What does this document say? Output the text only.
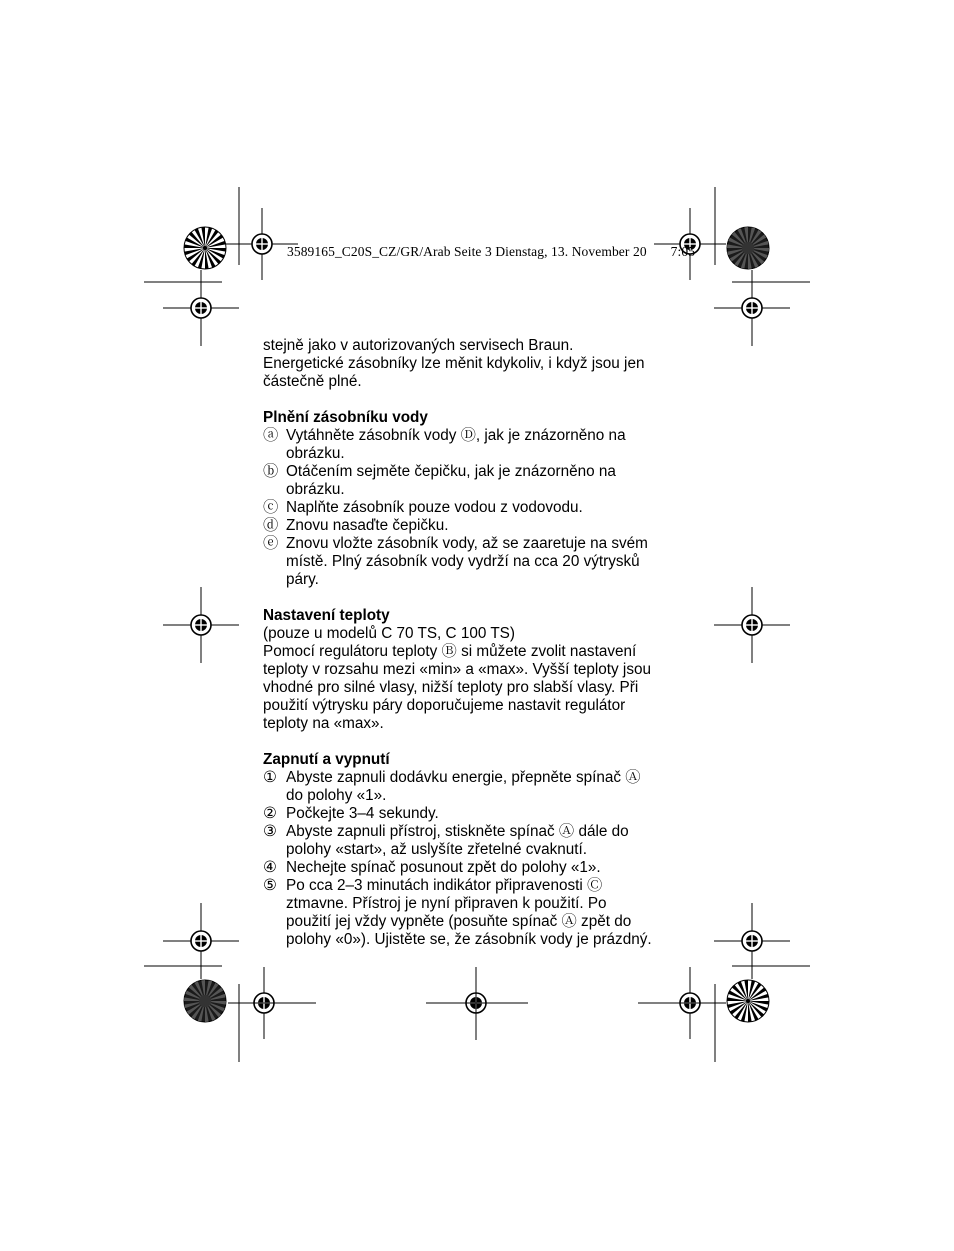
3589165_C20S_CZ/GR/Arab Seite 3 Dienstag, 13. November 20 7:05

stejně jako v autorizovaných servisech Braun.

Energetické zásobníky lze měnit kdykoliv, i když jsou jen

částečně plné.

Plnění zásobníku vody

ⓐ Vytáhněte zásobník vody Ⓓ, jak je znázorněno na

obrázku.

ⓑ Otáčením sejměte čepičku, jak je znázorněno na

obrázku.

ⓒ Naplňte zásobník pouze vodou z vodovodu.

ⓓ Znovu nasaďte čepičku.

ⓔ Znovu vložte zásobník vody, až se zaaretuje na svém

místě. Plný zásobník vody vydrží na cca 20 výtrysků

páry.

Nastavení teploty

(pouze u modelů C 70 TS, C 100 TS)

Pomocí regulátoru teploty Ⓑ si můžete zvolit nastavení

teploty v rozsahu mezi «min» a «max». Vyšší teploty jsou

vhodné pro silné vlasy, nižší teploty pro slabší vlasy. Při

použití výtrysku páry doporučujeme nastavit regulátor

teploty na «max».

Zapnutí a vypnutí

① Abyste zapnuli dodávku energie, přepněte spínač Ⓐ

do polohy «1».

② Počkejte 3–4 sekundy.

③ Abyste zapnuli přístroj, stiskněte spínač Ⓐ dále do

polohy «start», až uslyšíte zřetelné cvaknutí.

④ Nechejte spínač posunout zpět do polohy «1».

⑤ Po cca 2–3 minutách indikátor připravenosti Ⓒ

ztmavne. Přístroj je nyní připraven k použití. Po

použití jej vždy vypněte (posuňte spínač Ⓐ zpět do

polohy «0»). Ujistěte se, že zásobník vody je prázdný.
